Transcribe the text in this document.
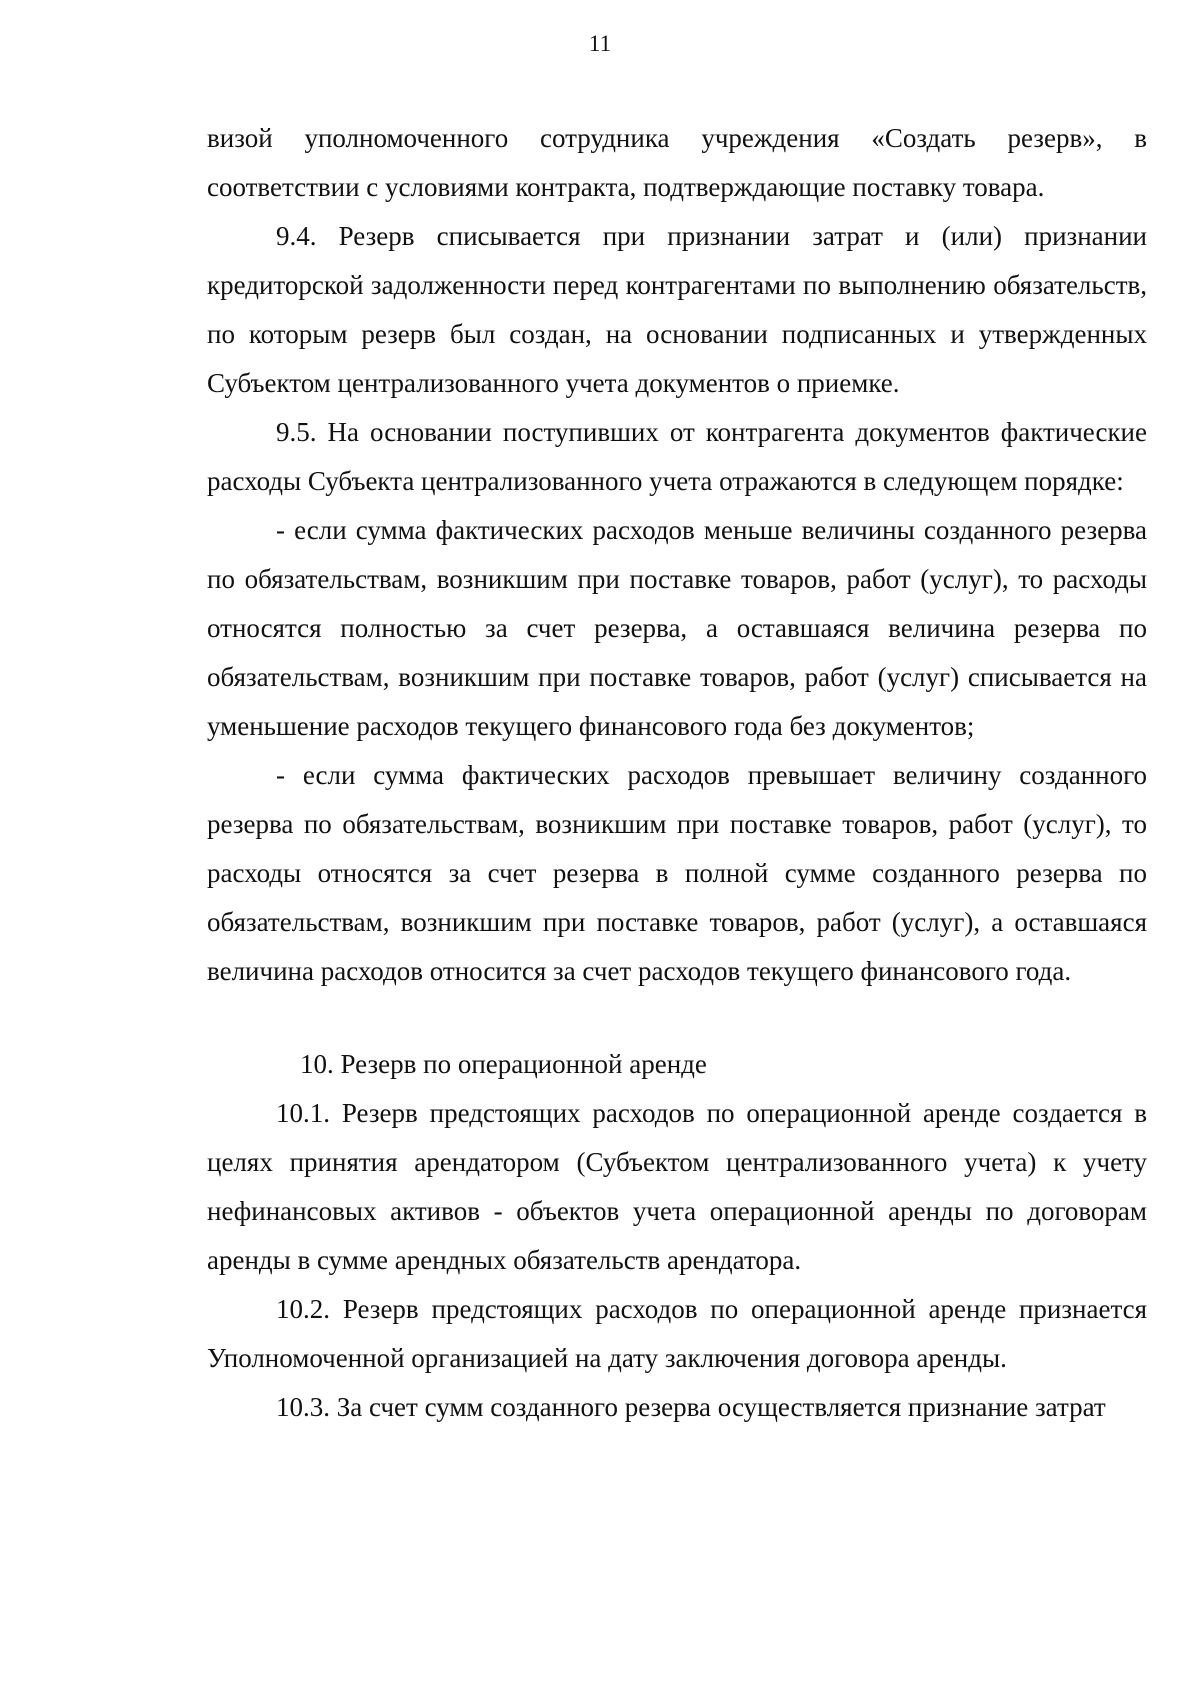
11

визой уполномоченного сотрудника учреждения «Создать резерв», в соответствии с условиями контракта, подтверждающие поставку товара.

9.4. Резерв списывается при признании затрат и (или) признании кредиторской задолженности перед контрагентами по выполнению обязательств, по которым резерв был создан, на основании подписанных и утвержденных Субъектом централизованного учета документов о приемке.

9.5. На основании поступивших от контрагента документов фактические расходы Субъекта централизованного учета отражаются в следующем порядке:

- если сумма фактических расходов меньше величины созданного резерва по обязательствам, возникшим при поставке товаров, работ (услуг), то расходы относятся полностью за счет резерва, а оставшаяся величина резерва по обязательствам, возникшим при поставке товаров, работ (услуг) списывается на уменьшение расходов текущего финансового года без документов;

- если сумма фактических расходов превышает величину созданного резерва по обязательствам, возникшим при поставке товаров, работ (услуг), то расходы относятся за счет резерва в полной сумме созданного резерва по обязательствам, возникшим при поставке товаров, работ (услуг), а оставшаяся величина расходов относится за счет расходов текущего финансового года.

10. Резерв по операционной аренде

10.1. Резерв предстоящих расходов по операционной аренде создается в целях принятия арендатором (Субъектом централизованного учета) к учету нефинансовых активов - объектов учета операционной аренды по договорам аренды в сумме арендных обязательств арендатора.

10.2. Резерв предстоящих расходов по операционной аренде признается Уполномоченной организацией на дату заключения договора аренды.

10.3. За счет сумм созданного резерва осуществляется признание затрат
